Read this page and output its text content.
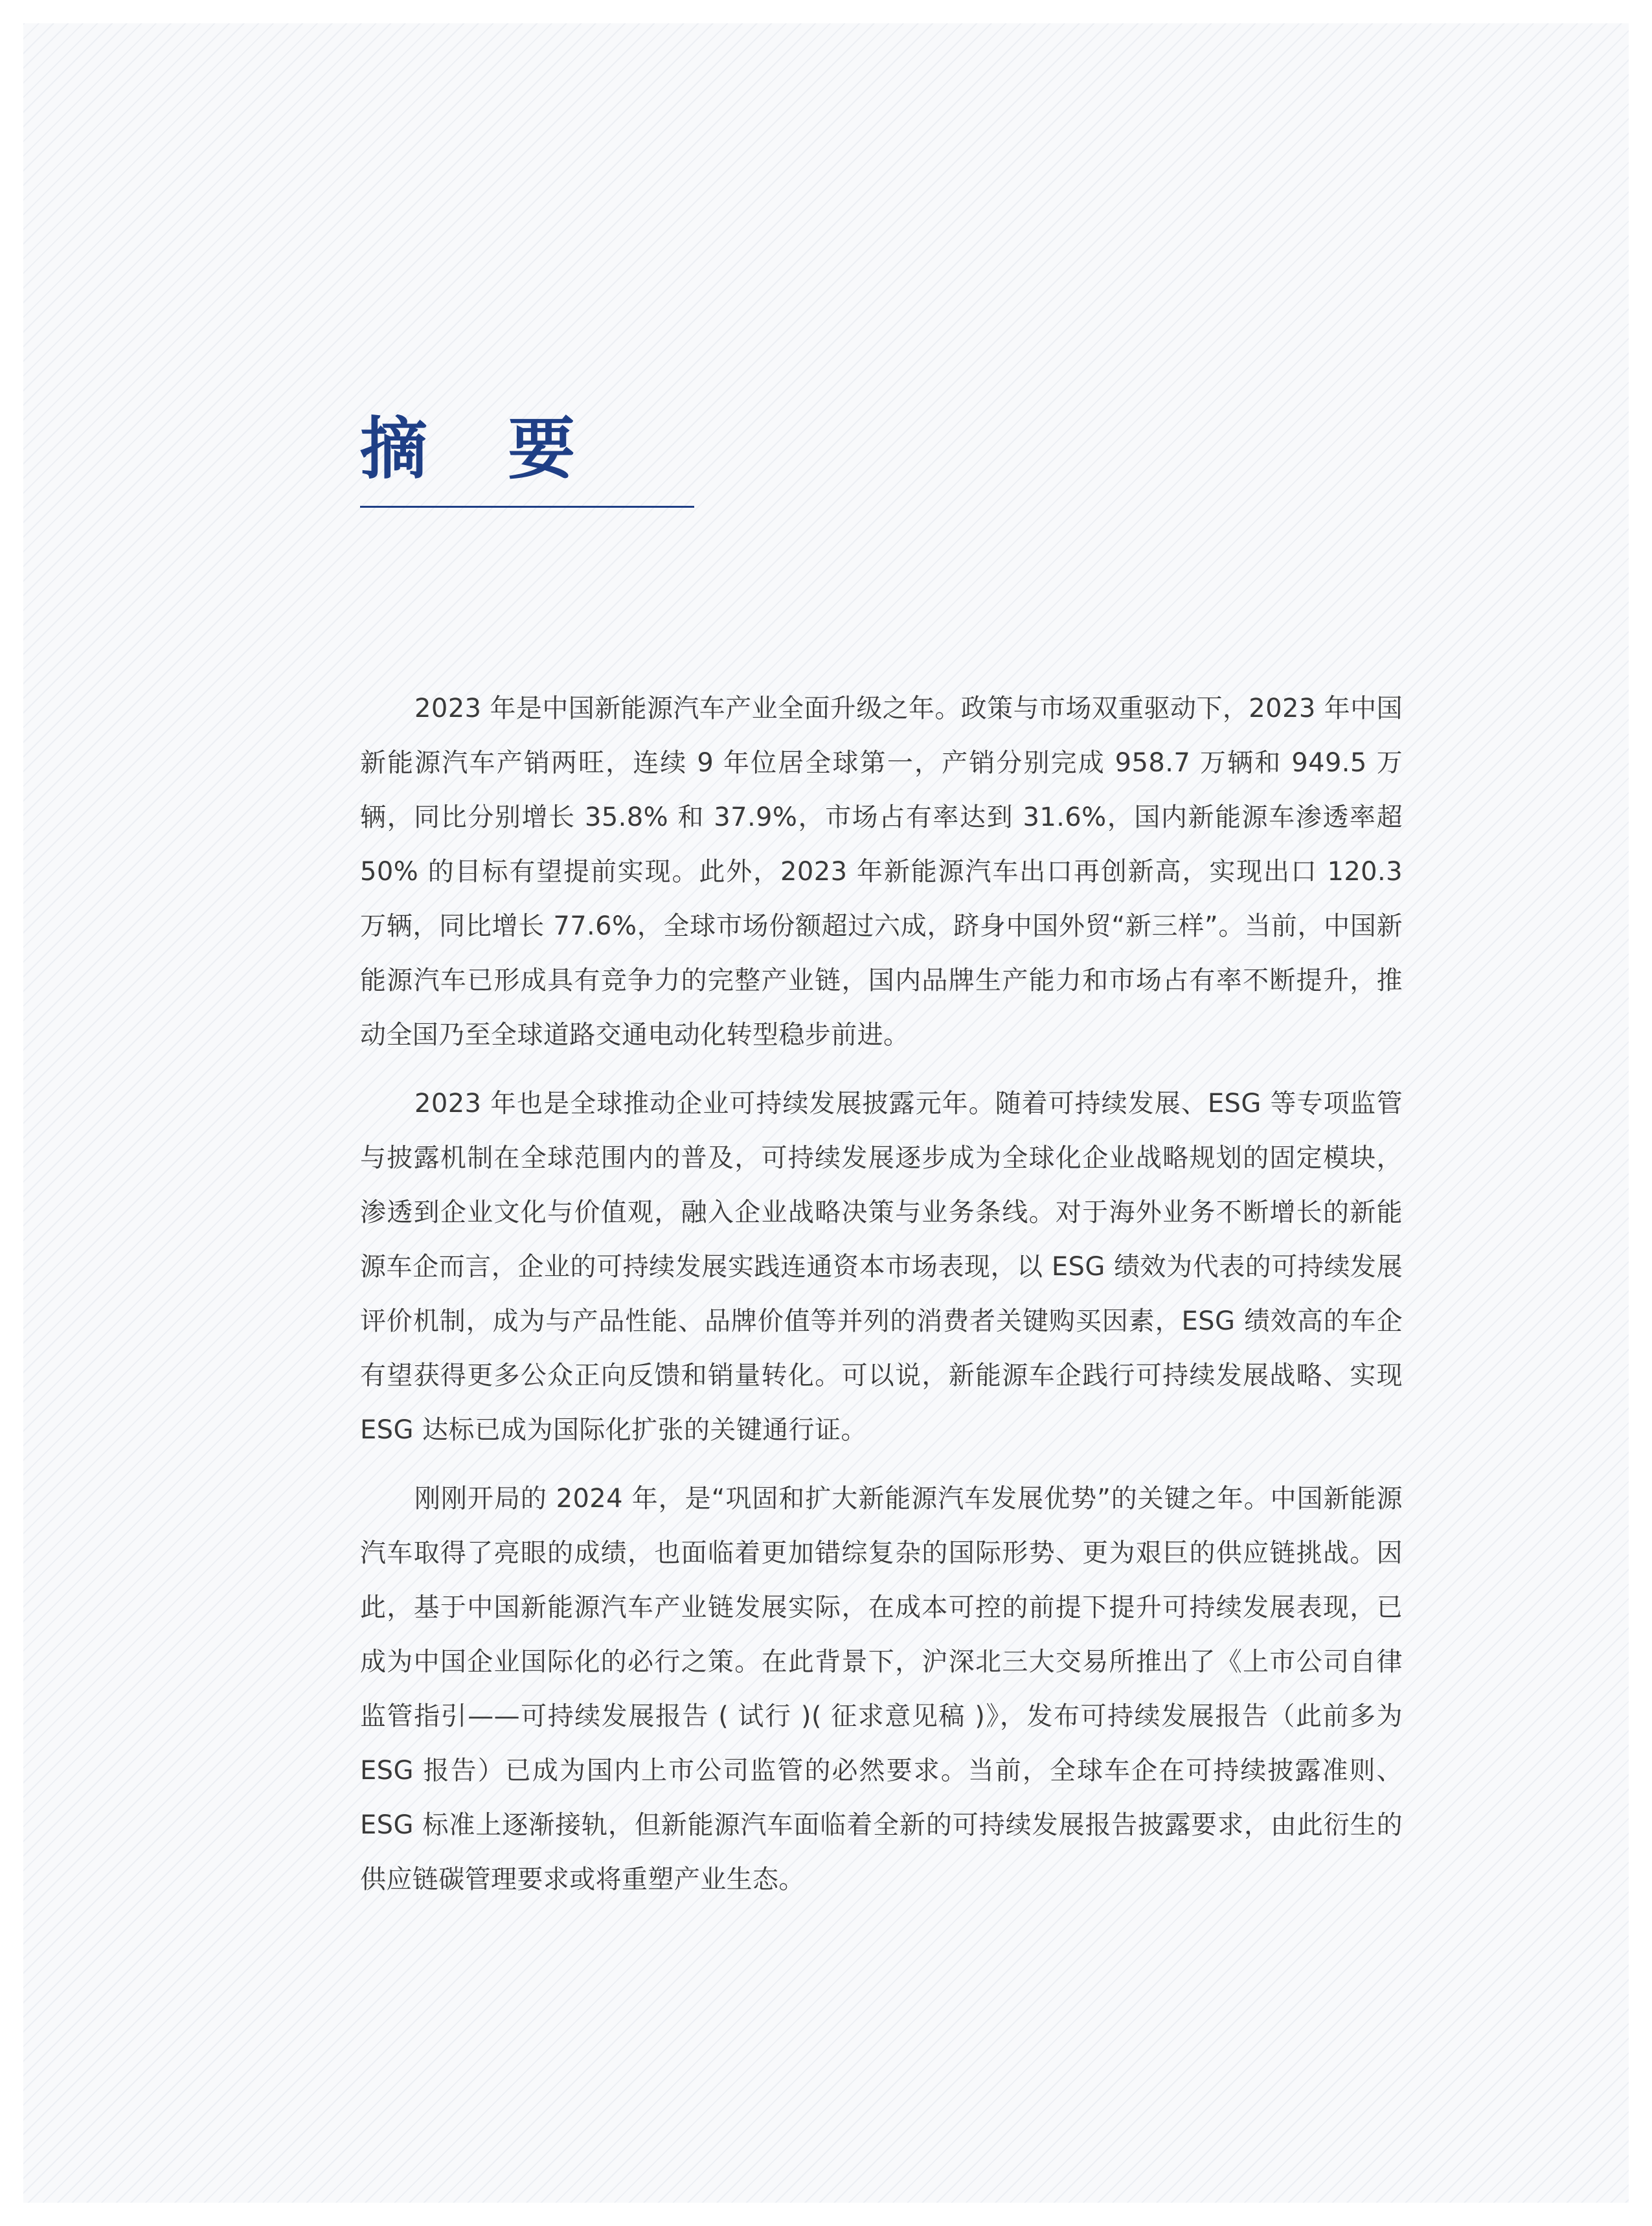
摘 要

2023 年是中国新能源汽车产业全面升级之年。政策与市场双重驱动下，2023 年中国新能源汽车产销两旺，连续 9 年位居全球第一，产销分别完成 958.7 万辆和 949.5 万辆，同比分别增长 35.8% 和 37.9%，市场占有率达到 31.6%，国内新能源车渗透率超 50% 的目标有望提前实现。此外，2023 年新能源汽车出口再创新高，实现出口 120.3 万辆，同比增长 77.6%，全球市场份额超过六成，跻身中国外贸“新三样”。当前，中国新能源汽车已形成具有竞争力的完整产业链，国内品牌生产能力和市场占有率不断提升，推动全国乃至全球道路交通电动化转型稳步前进。

2023 年也是全球推动企业可持续发展披露元年。随着可持续发展、ESG 等专项监管与披露机制在全球范围内的普及，可持续发展逐步成为全球化企业战略规划的固定模块，渗透到企业文化与价值观，融入企业战略决策与业务条线。对于海外业务不断增长的新能源车企而言，企业的可持续发展实践连通资本市场表现，以 ESG 绩效为代表的可持续发展评价机制，成为与产品性能、品牌价值等并列的消费者关键购买因素，ESG 绩效高的车企有望获得更多公众正向反馈和销量转化。可以说，新能源车企践行可持续发展战略、实现 ESG 达标已成为国际化扩张的关键通行证。

刚刚开局的 2024 年，是“巩固和扩大新能源汽车发展优势”的关键之年。中国新能源汽车取得了亮眼的成绩，也面临着更加错综复杂的国际形势、更为艰巨的供应链挑战。因此，基于中国新能源汽车产业链发展实际，在成本可控的前提下提升可持续发展表现，已成为中国企业国际化的必行之策。在此背景下，沪深北三大交易所推出了《上市公司自律监管指引——可持续发展报告 ( 试行 )( 征求意见稿 )》，发布可持续发展报告（此前多为 ESG 报告）已成为国内上市公司监管的必然要求。当前，全球车企在可持续披露准则、ESG 标准上逐渐接轨，但新能源汽车面临着全新的可持续发展报告披露要求，由此衍生的供应链碳管理要求或将重塑产业生态。
